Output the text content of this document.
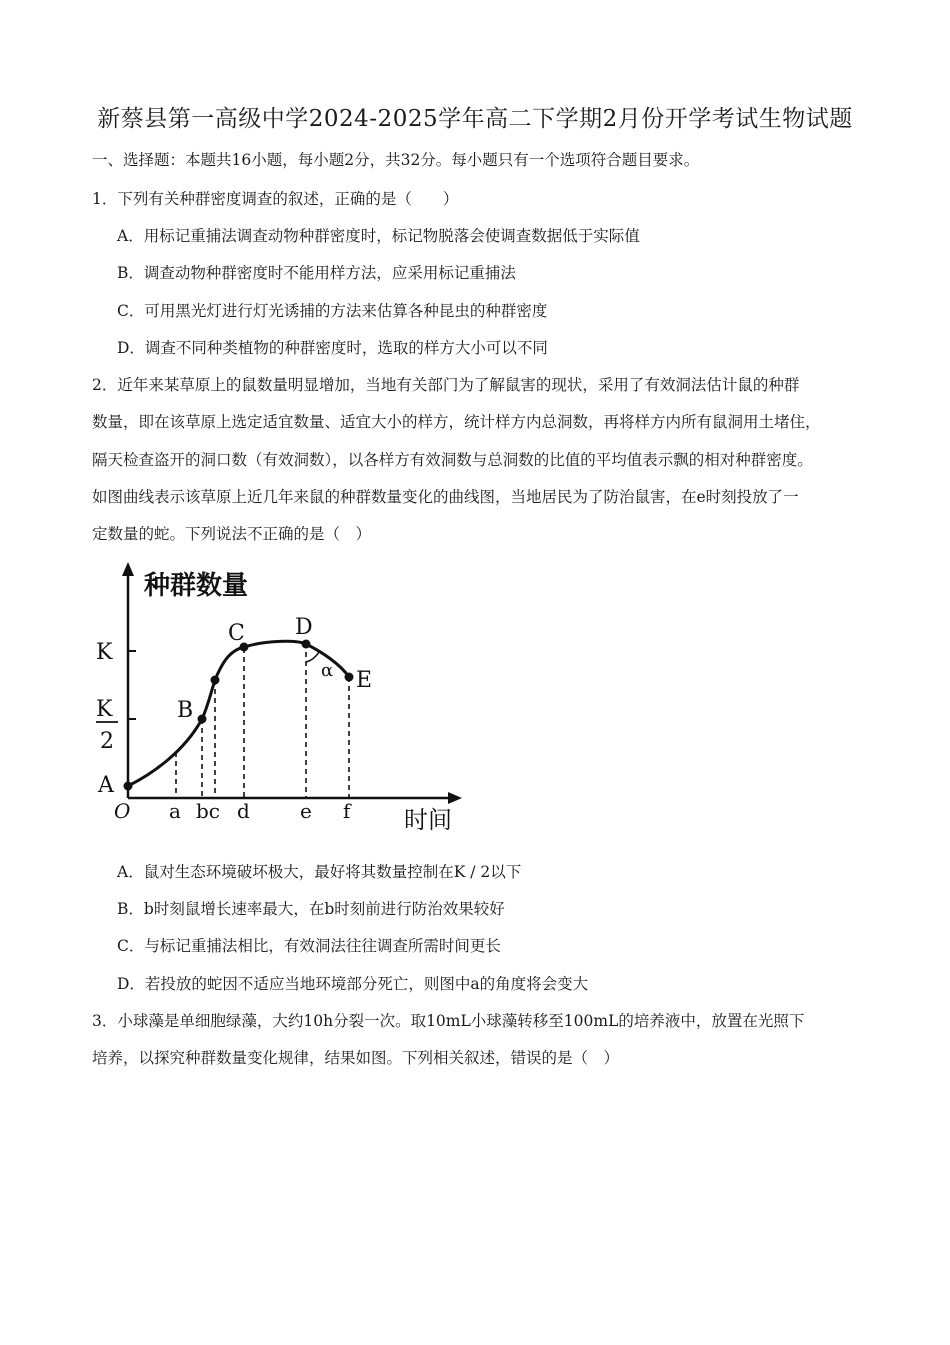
新蔡县第一高级中学2024-2025学年高二下学期2月份开学考试生物试题
一、选择题：本题共16小题，每小题2分，共32分。每小题只有一个选项符合题目要求。
1．下列有关种群密度调查的叙述，正确的是（　　）
A．用标记重捕法调查动物种群密度时，标记物脱落会使调查数据低于实际值
B．调查动物种群密度时不能用样方法，应采用标记重捕法
C．可用黑光灯进行灯光诱捕的方法来估算各种昆虫的种群密度
D．调查不同种类植物的种群密度时，选取的样方大小可以不同
2．近年来某草原上的鼠数量明显增加，当地有关部门为了解鼠害的现状，采用了有效洞法估计鼠的种群
数量，即在该草原上选定适宜数量、适宜大小的样方，统计样方内总洞数，再将样方内所有鼠洞用土堵住，
隔天检查盗开的洞口数（有效洞数），以各样方有效洞数与总洞数的比值的平均值表示飘的相对种群密度。
如图曲线表示该草原上近几年来鼠的种群数量变化的曲线图，当地居民为了防治鼠害，在e时刻投放了一
定数量的蛇。下列说法不正确的是（　）
种群数量
时间
O
K
K
2
α
A
B
C D
E
a bc d	e f
A．鼠对生态环境破坏极大，最好将其数量控制在K / 2以下
B．b时刻鼠增长速率最大，在b时刻前进行防治效果较好
C．与标记重捕法相比，有效洞法往往调查所需时间更长
D．若投放的蛇因不适应当地环境部分死亡，则图中a的角度将会变大
3．小球藻是单细胞绿藻，大约10h分裂一次。取10mL小球藻转移至100mL的培养液中，放置在光照下
培养，以探究种群数量变化规律，结果如图。下列相关叙述，错误的是（　）
